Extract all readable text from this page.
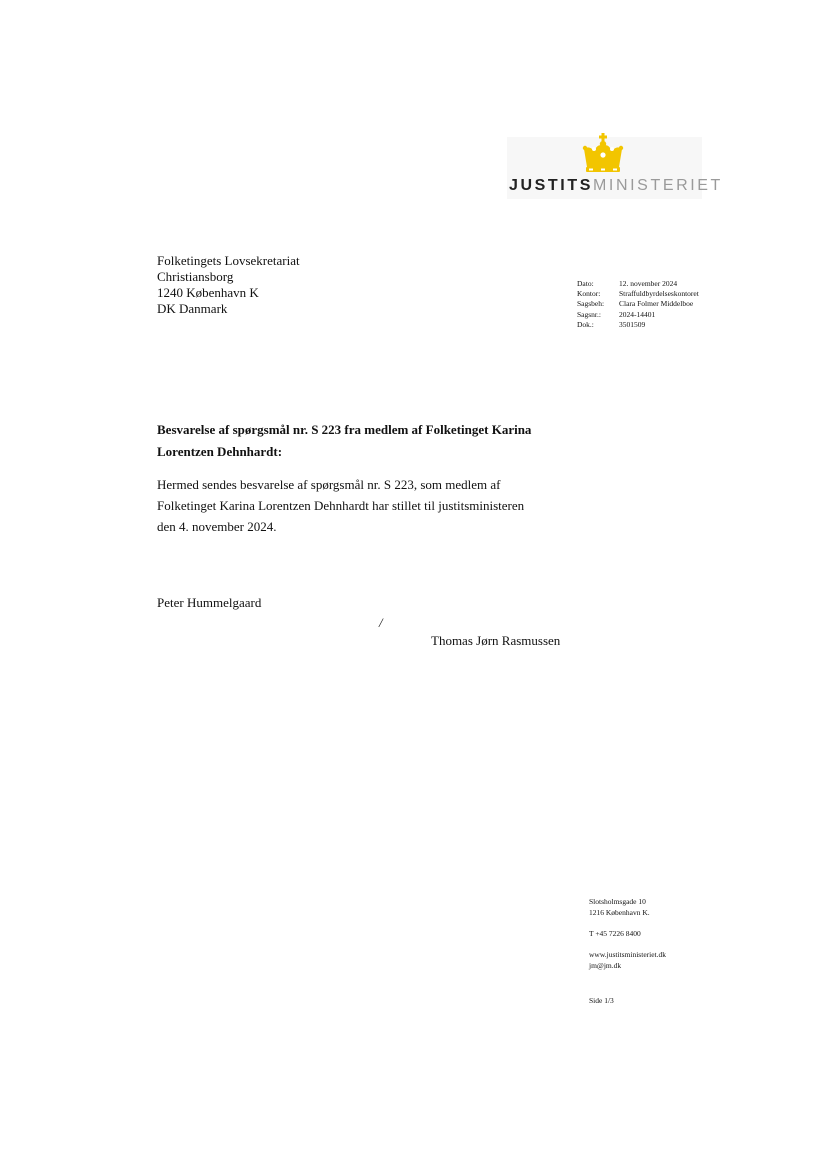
JUSTITSMINISTERIET
Folketingets Lovsekretariat
Christiansborg
1240 København K
DK Danmark
Dato:	12. november 2024
Kontor:	Straffuldbyrdelseskontoret
Sagsbeh:	Clara Folmer Middelboe
Sagsnr.:	2024-14401
Dok.:	3501509
Besvarelse af spørgsmål nr. S 223 fra medlem af Folketinget Karina Lorentzen Dehnhardt:
Hermed sendes besvarelse af spørgsmål nr. S 223, som medlem af Folketinget Karina Lorentzen Dehnhardt har stillet til justitsministeren den 4. november 2024.
Peter Hummelgaard
/
Thomas Jørn Rasmussen
Slotsholmsgade 10
1216 København K.
T +45 7226 8400
www.justitsministeriet.dk
jm@jm.dk
Side 1/3
